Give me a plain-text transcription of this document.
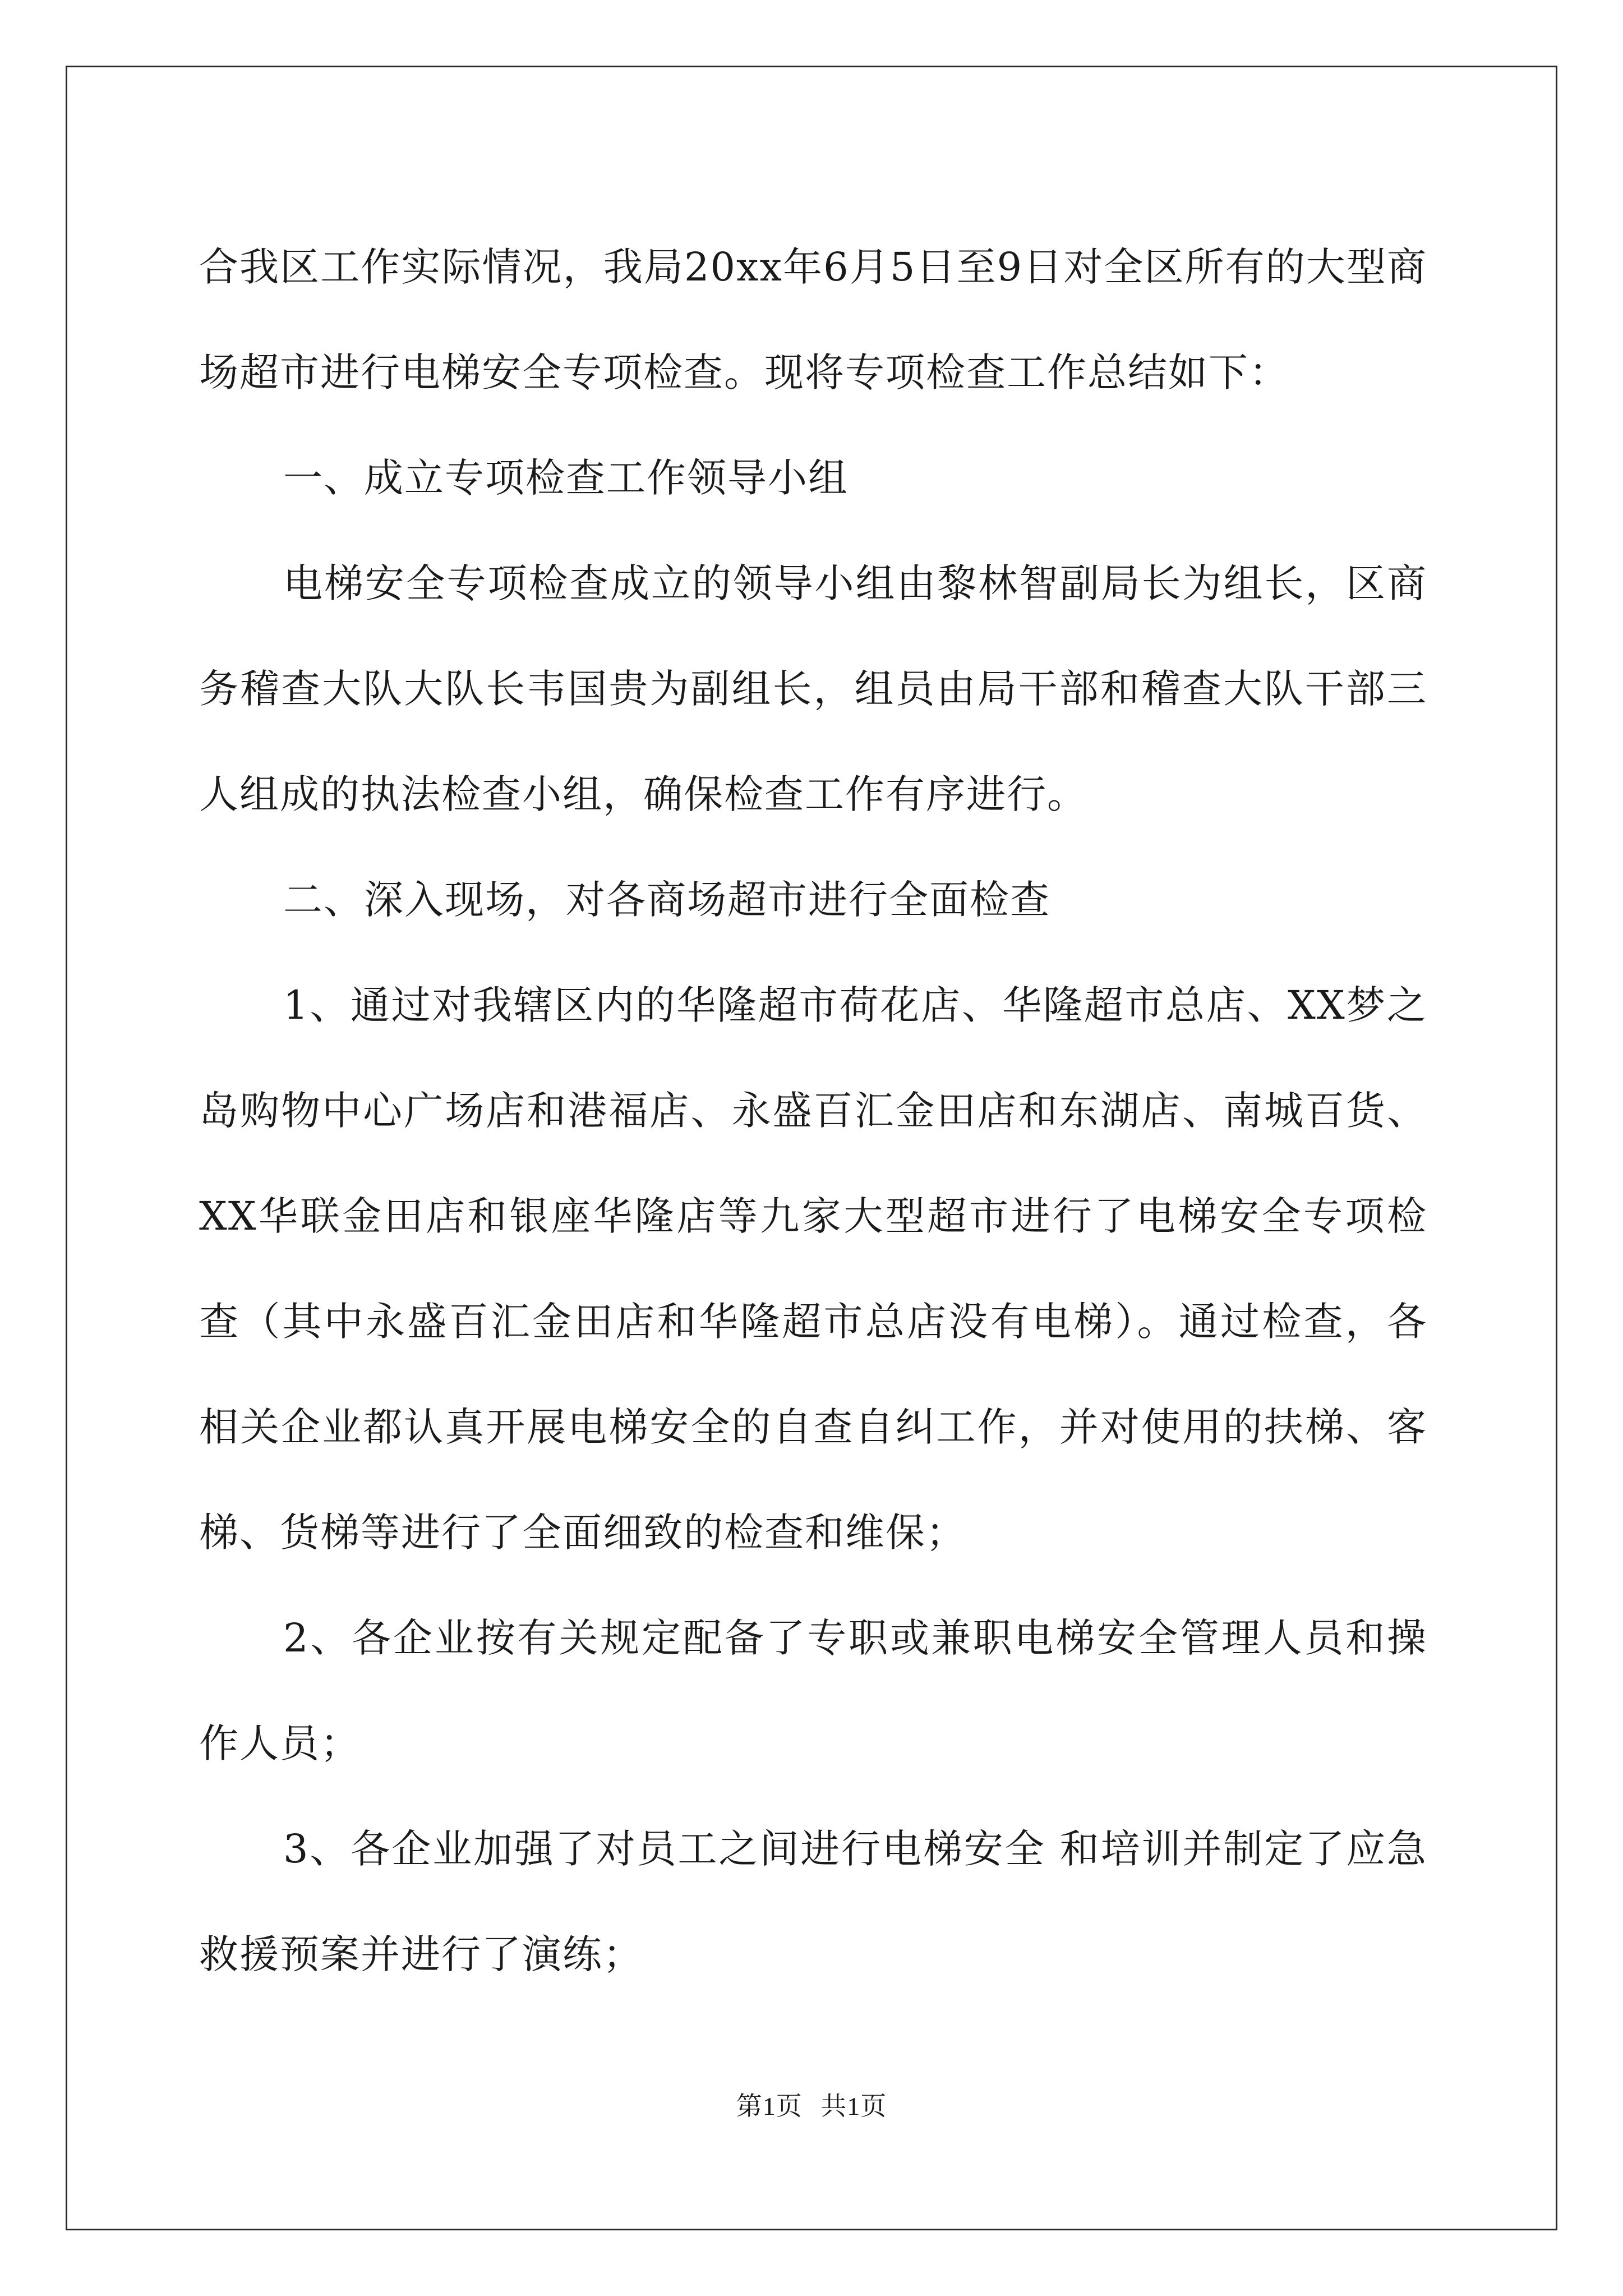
合我区工作实际情况，我局20xx年6月5日至9日对全区所有的大型商场超市进行电梯安全专项检查。现将专项检查工作总结如下：

一、成立专项检查工作领导小组

电梯安全专项检查成立的领导小组由黎林智副局长为组长，区商务稽查大队大队长韦国贵为副组长，组员由局干部和稽查大队干部三人组成的执法检查小组，确保检查工作有序进行。

二、深入现场，对各商场超市进行全面检查

1、通过对我辖区内的华隆超市荷花店、华隆超市总店、XX梦之岛购物中心广场店和港福店、永盛百汇金田店和东湖店、南城百货、XX华联金田店和银座华隆店等九家大型超市进行了电梯安全专项检查（其中永盛百汇金田店和华隆超市总店没有电梯）。通过检查，各相关企业都认真开展电梯安全的自查自纠工作，并对使用的扶梯、客梯、货梯等进行了全面细致的检查和维保；

2、各企业按有关规定配备了专职或兼职电梯安全管理人员和操作人员；

3、各企业加强了对员工之间进行电梯安全 和培训并制定了应急救援预案并进行了演练；

第1页 共1页
